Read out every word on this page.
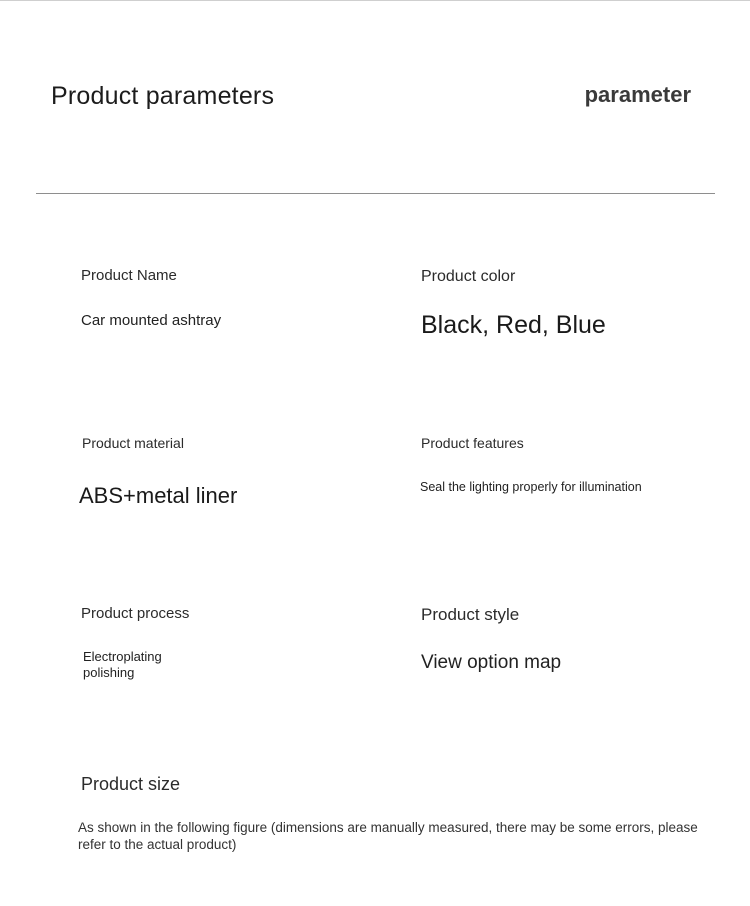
Product parameters	parameter
Product Name
Car mounted ashtray
Product color
Black, Red, Blue
Product material
ABS+metal liner
Product features
Seal the lighting properly for illumination
Product process
Electroplating
polishing
Product style
View option map
Product size
As shown in the following figure (dimensions are manually measured, there may be some errors, please refer to the actual product)
